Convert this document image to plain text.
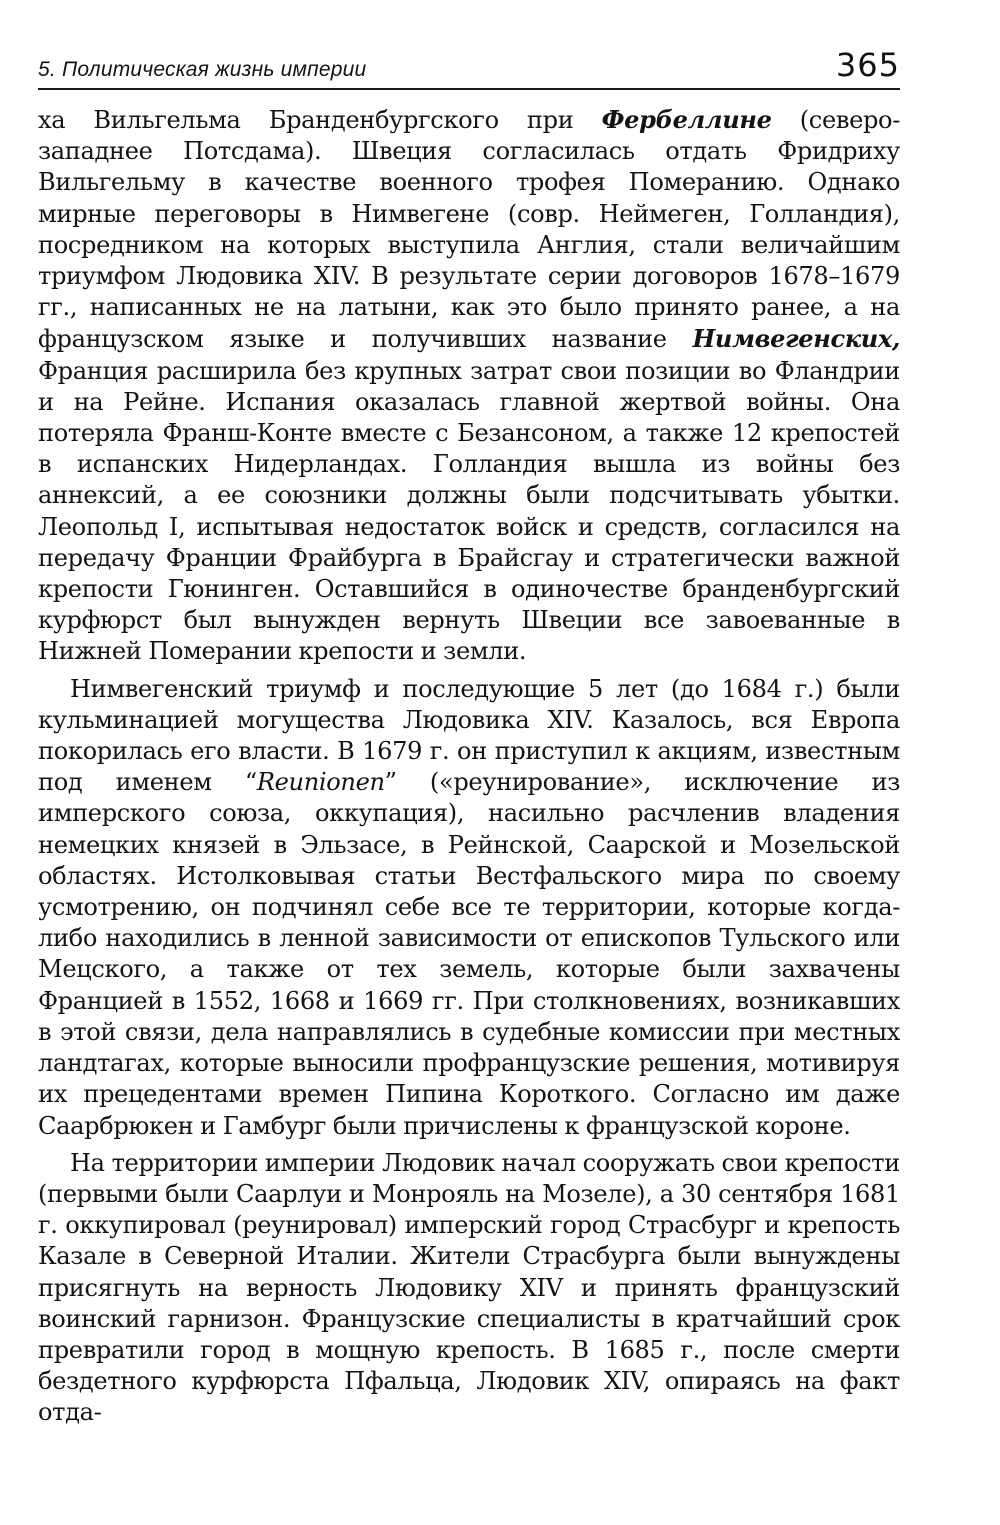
5. Политическая жизнь империи	365

ха Вильгельма Бранденбургского при Фербеллине (северо-западнее Потсдама). Швеция согласилась отдать Фридриху Вильгельму в качестве военного трофея Померанию. Однако мирные переговоры в Нимвегене (совр. Неймеген, Голландия), посредником на которых выступила Англия, стали величайшим триумфом Людовика XIV. В результате серии договоров 1678–1679 гг., написанных не на латыни, как это было принято ранее, а на французском языке и получивших название Нимвегенских, Франция расширила без крупных затрат свои позиции во Фландрии и на Рейне. Испания оказалась главной жертвой войны. Она потеряла Франш-Конте вместе с Безансоном, а также 12 крепостей в испанских Нидерландах. Голландия вышла из войны без аннексий, а ее союзники должны были подсчитывать убытки. Леопольд I, испытывая недостаток войск и средств, согласился на передачу Франции Фрайбурга в Брайсгау и стратегически важной крепости Гюнинген. Оставшийся в одиночестве бранденбургский курфюрст был вынужден вернуть Швеции все завоеванные в Нижней Померании крепости и земли.

Нимвегенский триумф и последующие 5 лет (до 1684 г.) были кульминацией могущества Людовика XIV. Казалось, вся Европа покорилась его власти. В 1679 г. он приступил к акциям, известным под именем “Reunionen” («реунирование», исключение из имперского союза, оккупация), насильно расчленив владения немецких князей в Эльзасе, в Рейнской, Саарской и Мозельской областях. Истолковывая статьи Вестфальского мира по своему усмотрению, он подчинял себе все те территории, которые когда-либо находились в ленной зависимости от епископов Тульского или Мецского, а также от тех земель, которые были захвачены Францией в 1552, 1668 и 1669 гг. При столкновениях, возникавших в этой связи, дела направлялись в судебные комиссии при местных ландтагах, которые выносили профранцузские решения, мотивируя их прецедентами времен Пипина Короткого. Согласно им даже Саарбрюкен и Гамбург были причислены к французской короне.

На территории империи Людовик начал сооружать свои крепости (первыми были Саарлуи и Монрояль на Мозеле), а 30 сентября 1681 г. оккупировал (реунировал) имперский город Страсбург и крепость Казале в Северной Италии. Жители Страсбурга были вынуждены присягнуть на верность Людовику XIV и принять французский воинский гарнизон. Французские специалисты в кратчайший срок превратили город в мощную крепость. В 1685 г., после смерти бездетного курфюрста Пфальца, Людовик XIV, опираясь на факт отда-
